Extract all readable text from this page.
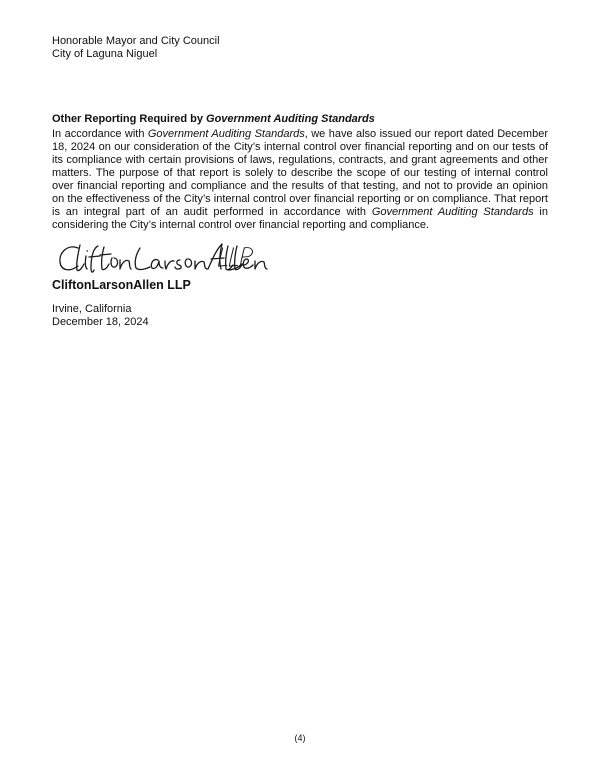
Honorable Mayor and City Council
City of Laguna Niguel
Other Reporting Required by Government Auditing Standards

In accordance with Government Auditing Standards, we have also issued our report dated December 18, 2024 on our consideration of the City’s internal control over financial reporting and on our tests of its compliance with certain provisions of laws, regulations, contracts, and grant agreements and other matters. The purpose of that report is solely to describe the scope of our testing of internal control over financial reporting and compliance and the results of that testing, and not to provide an opinion on the effectiveness of the City’s internal control over financial reporting or on compliance. That report is an integral part of an audit performed in accordance with Government Auditing Standards in considering the City’s internal control over financial reporting and compliance.

CliftonLarsonAllen LLP
Irvine, California
December 18, 2024
(4)
